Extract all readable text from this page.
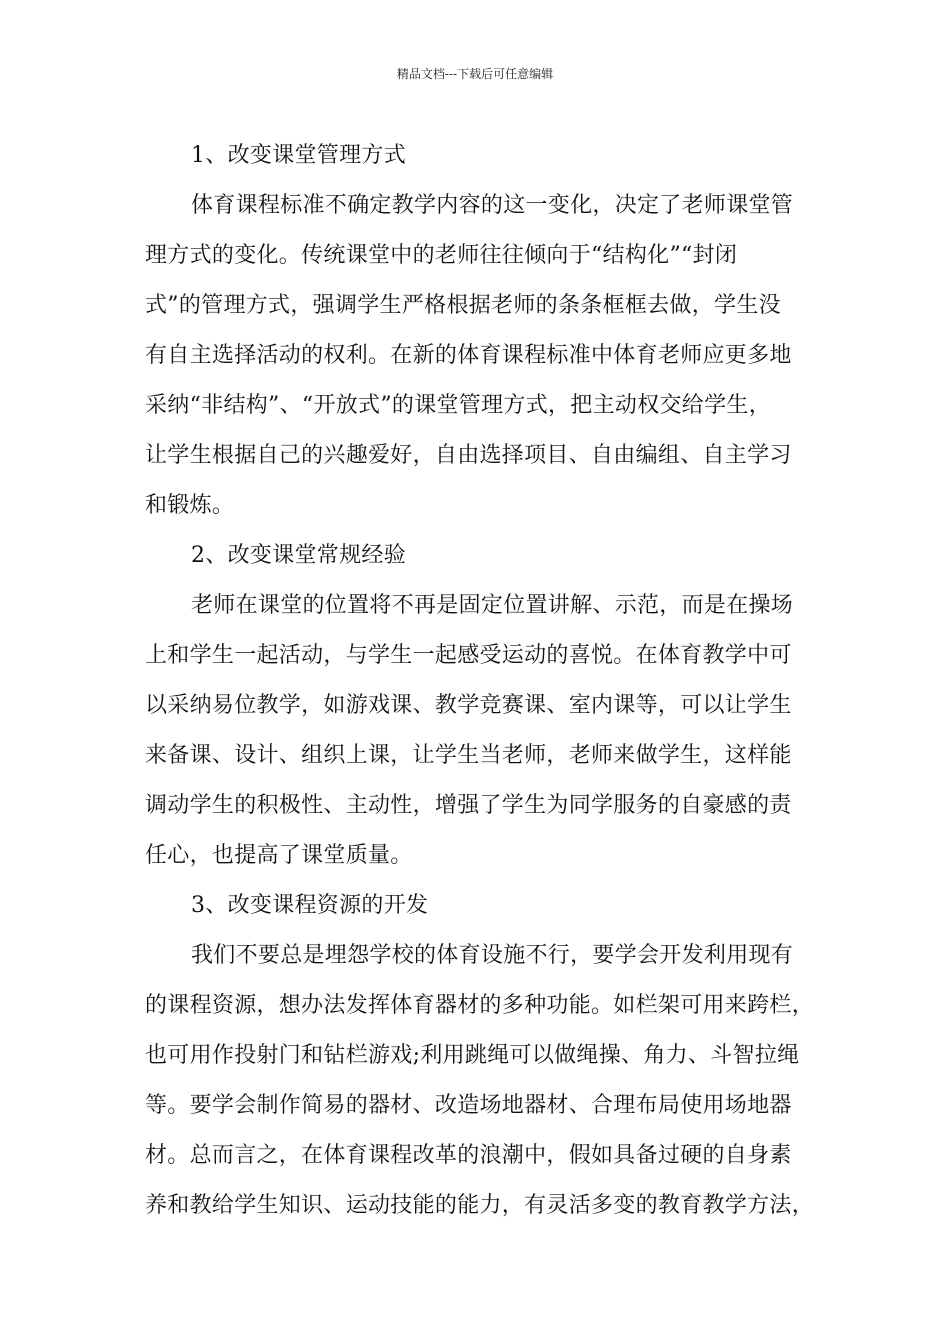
精品文档---下载后可任意编辑
1、改变课堂管理方式
体育课程标准不确定教学内容的这一变化，决定了老师课堂管
理方式的变化。传统课堂中的老师往往倾向于“结构化”“封闭
式”的管理方式，强调学生严格根据老师的条条框框去做，学生没
有自主选择活动的权利。在新的体育课程标准中体育老师应更多地
采纳“非结构”、“开放式”的课堂管理方式，把主动权交给学生，
让学生根据自己的兴趣爱好，自由选择项目、自由编组、自主学习
和锻炼。
2、改变课堂常规经验
老师在课堂的位置将不再是固定位置讲解、示范，而是在操场
上和学生一起活动，与学生一起感受运动的喜悦。在体育教学中可
以采纳易位教学，如游戏课、教学竞赛课、室内课等，可以让学生
来备课、设计、组织上课，让学生当老师，老师来做学生，这样能
调动学生的积极性、主动性，增强了学生为同学服务的自豪感的责
任心，也提高了课堂质量。
3、改变课程资源的开发
我们不要总是埋怨学校的体育设施不行，要学会开发利用现有
的课程资源，想办法发挥体育器材的多种功能。如栏架可用来跨栏，
也可用作投射门和钻栏游戏;利用跳绳可以做绳操、角力、斗智拉绳
等。要学会制作简易的器材、改造场地器材、合理布局使用场地器
材。总而言之，在体育课程改革的浪潮中，假如具备过硬的自身素
养和教给学生知识、运动技能的能力，有灵活多变的教育教学方法，
